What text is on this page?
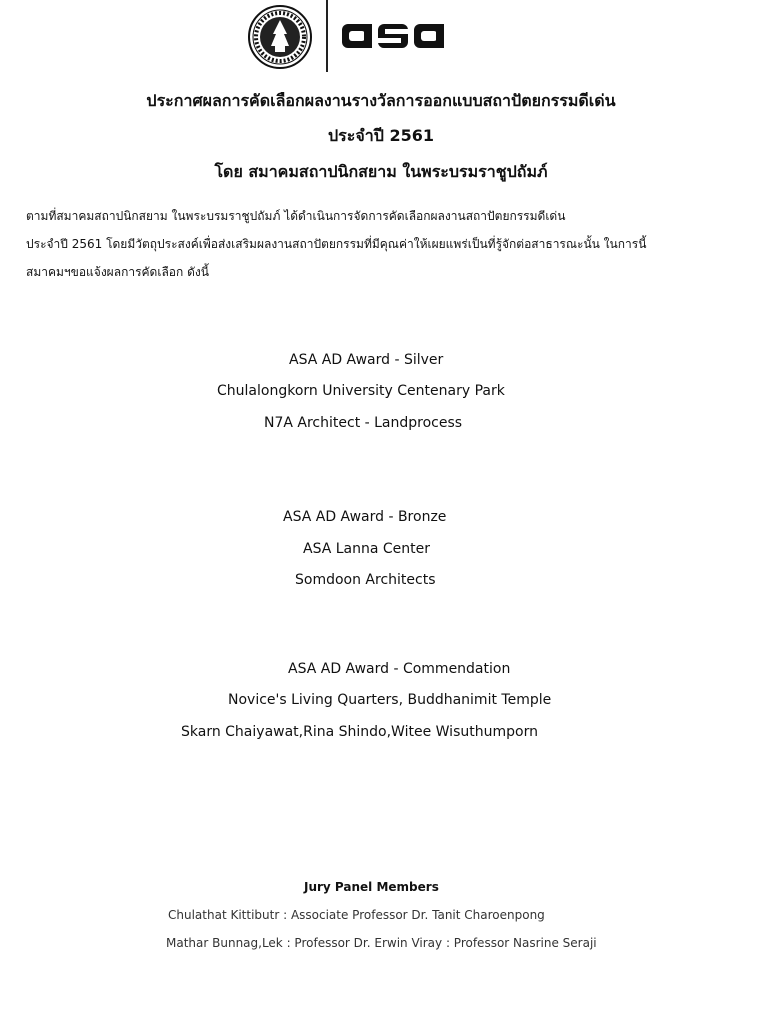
ประกาศผลการคัดเลือกผลงานรางวัลการออกแบบสถาปัตยกรรมดีเด่น
ประจำปี 2561
โดย สมาคมสถาปนิกสยาม ในพระบรมราชูปถัมภ์
ตามที่สมาคมสถาปนิกสยาม ในพระบรมราชูปถัมภ์ ได้ดำเนินการจัดการคัดเลือกผลงานสถาปัตยกรรมดีเด่น
ประจำปี 2561 โดยมีวัตถุประสงค์เพื่อส่งเสริมผลงานสถาปัตยกรรมที่มีคุณค่าให้เผยแพร่เป็นที่รู้จักต่อสาธารณะนั้น ในการนี้
สมาคมฯขอแจ้งผลการคัดเลือก ดังนี้
ASA AD Award - Silver
Chulalongkorn University Centenary Park
N7A Architect - Landprocess
ASA AD Award - Bronze
ASA Lanna Center
Somdoon Architects
ASA AD Award - Commendation
Novice's Living Quarters, Buddhanimit Temple
Skarn Chaiyawat,Rina Shindo,Witee Wisuthumporn
Jury Panel Members
Chulathat Kittibutr : Associate Professor Dr. Tanit Charoenpong
Mathar Bunnag,Lek : Professor Dr. Erwin Viray : Professor Nasrine Seraji
